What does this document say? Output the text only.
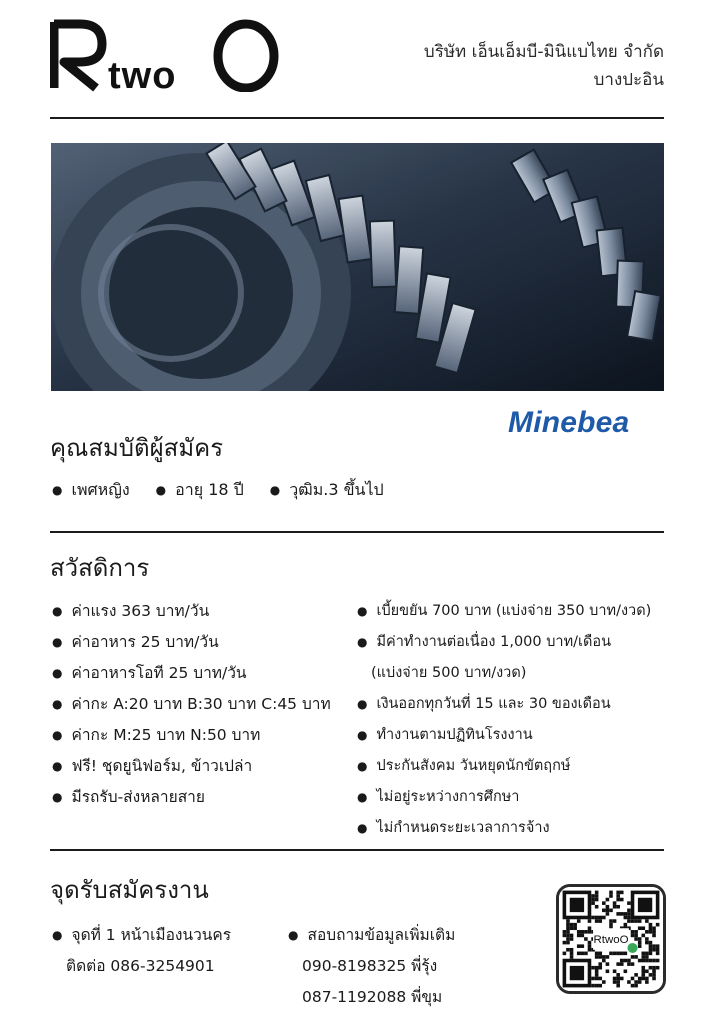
two
บริษัท เอ็นเอ็มบี-มินิแบไทย จำกัด
บางปะอิน
Minebea
คุณสมบัติผู้สมัคร
● เพศหญิง ● อายุ 18 ปี ● วุฒิม.3 ขึ้นไป
สวัสดิการ
● ค่าแรง 363 บาท/วัน
● ค่าอาหาร 25 บาท/วัน
● ค่าอาหารโอที 25 บาท/วัน
● ค่ากะ A:20 บาท B:30 บาท C:45 บาท
● ค่ากะ M:25 บาท N:50 บาท
● ฟรี! ชุดยูนิฟอร์ม, ข้าวเปล่า
● มีรถรับ-ส่งหลายสาย
● เบี้ยขยัน 700 บาท (แบ่งจ่าย 350 บาท/งวด)
● มีค่าทำงานต่อเนื่อง 1,000 บาท/เดือน
(แบ่งจ่าย 500 บาท/งวด)
● เงินออกทุกวันที่ 15 และ 30 ของเดือน
● ทำงานตามปฏิทินโรงงาน
● ประกันสังคม วันหยุดนักขัตฤกษ์
● ไม่อยู่ระหว่างการศึกษา
● ไม่กำหนดระยะเวลาการจ้าง
จุดรับสมัครงาน
● จุดที่ 1 หน้าเมืองนวนคร
ติดต่อ 086-3254901
● สอบถามข้อมูลเพิ่มเติม
090-8198325 พี่รุ้ง
087-1192088 พี่ขุม
RtwoO
